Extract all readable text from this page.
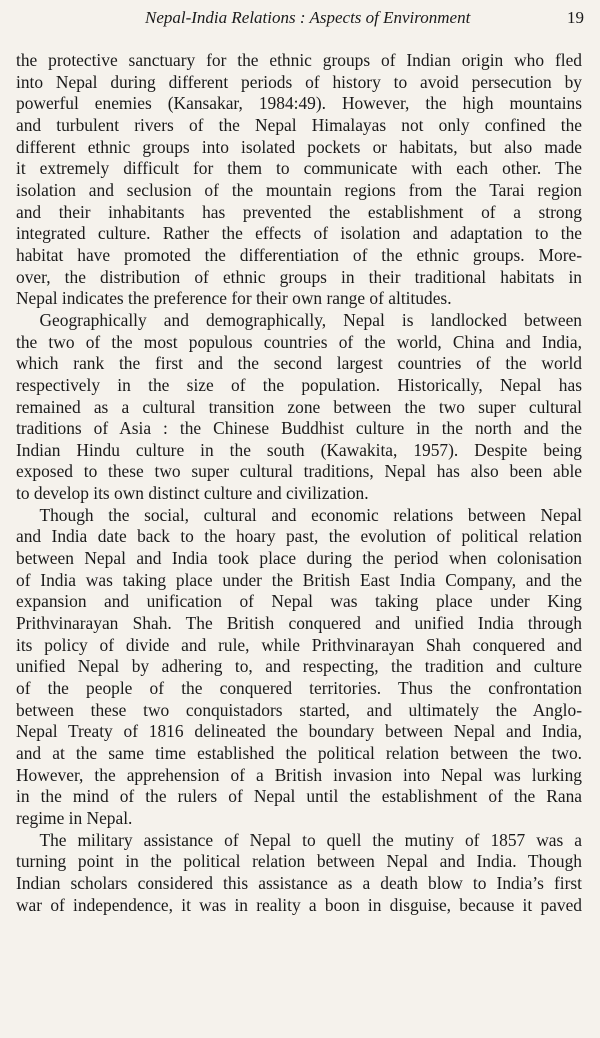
Nepal-India Relations : Aspects of Environment	19
the protective sanctuary for the ethnic groups of Indian origin who fled
into Nepal during different periods of history to avoid persecution by
powerful enemies (Kansakar, 1984:49). However, the high mountains
and turbulent rivers of the Nepal Himalayas not only confined the
different ethnic groups into isolated pockets or habitats, but also made
it extremely difficult for them to communicate with each other. The
isolation and seclusion of the mountain regions from the Tarai region
and their inhabitants has prevented the establishment of a strong
integrated culture. Rather the effects of isolation and adaptation to the
habitat have promoted the differentiation of the ethnic groups. More-
over, the distribution of ethnic groups in their traditional habitats in
Nepal indicates the preference for their own range of altitudes.
Geographically and demographically, Nepal is landlocked between
the two of the most populous countries of the world, China and India,
which rank the first and the second largest countries of the world
respectively in the size of the population. Historically, Nepal has
remained as a cultural transition zone between the two super cultural
traditions of Asia : the Chinese Buddhist culture in the north and the
Indian Hindu culture in the south (Kawakita, 1957). Despite being
exposed to these two super cultural traditions, Nepal has also been able
to develop its own distinct culture and civilization.
Though the social, cultural and economic relations between Nepal
and India date back to the hoary past, the evolution of political relation
between Nepal and India took place during the period when colonisation
of India was taking place under the British East India Company, and the
expansion and unification of Nepal was taking place under King
Prithvinarayan Shah. The British conquered and unified India through
its policy of divide and rule, while Prithvinarayan Shah conquered and
unified Nepal by adhering to, and respecting, the tradition and culture
of the people of the conquered territories. Thus the confrontation
between these two conquistadors started, and ultimately the Anglo-
Nepal Treaty of 1816 delineated the boundary between Nepal and India,
and at the same time established the political relation between the two.
However, the apprehension of a British invasion into Nepal was lurking
in the mind of the rulers of Nepal until the establishment of the Rana
regime in Nepal.
The military assistance of Nepal to quell the mutiny of 1857 was a
turning point in the political relation between Nepal and India. Though
Indian scholars considered this assistance as a death blow to India’s first
war of independence, it was in reality a boon in disguise, because it paved
